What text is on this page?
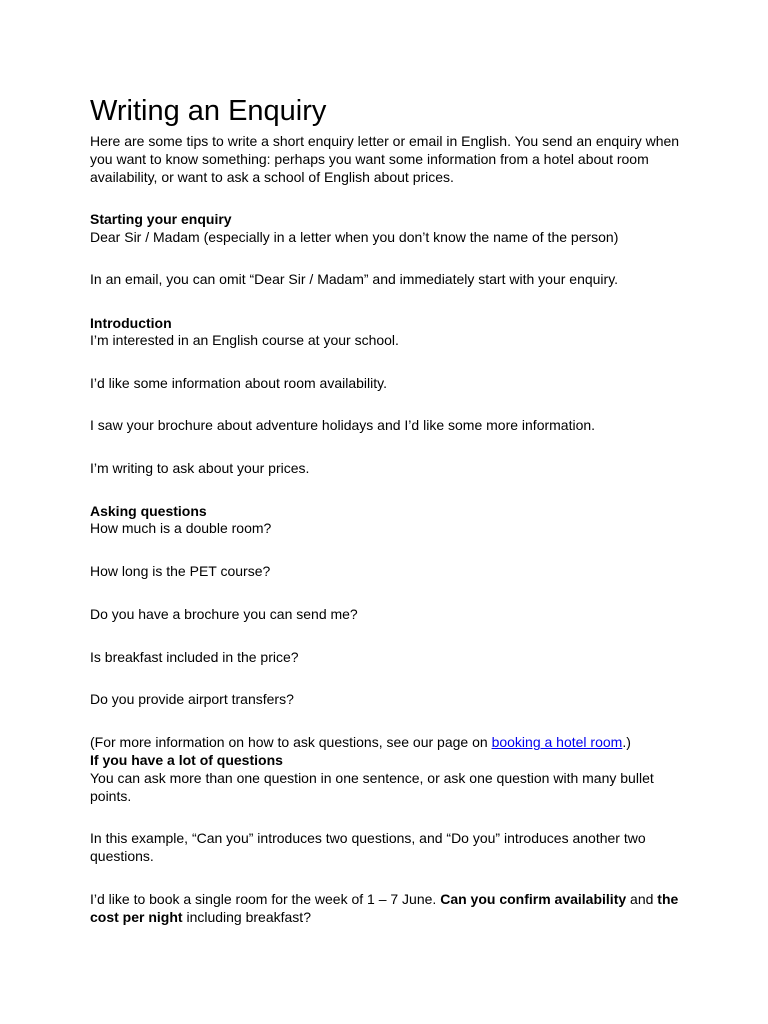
Writing an Enquiry

Here are some tips to write a short enquiry letter or email in English. You send an enquiry when you want to know something: perhaps you want some information from a hotel about room availability, or want to ask a school of English about prices.

Starting your enquiry

Dear Sir / Madam (especially in a letter when you don’t know the name of the person)

In an email, you can omit “Dear Sir / Madam” and immediately start with your enquiry.

Introduction

I’m interested in an English course at your school.

I’d like some information about room availability.

I saw your brochure about adventure holidays and I’d like some more information.

I’m writing to ask about your prices.

Asking questions

How much is a double room?

How long is the PET course?

Do you have a brochure you can send me?

Is breakfast included in the price?

Do you provide airport transfers?

(For more information on how to ask questions, see our page on booking a hotel room.)

If you have a lot of questions

You can ask more than one question in one sentence, or ask one question with many bullet points.

In this example, “Can you” introduces two questions, and “Do you” introduces another two questions.

I’d like to book a single room for the week of 1 – 7 June. Can you confirm availability and the cost per night including breakfast?
